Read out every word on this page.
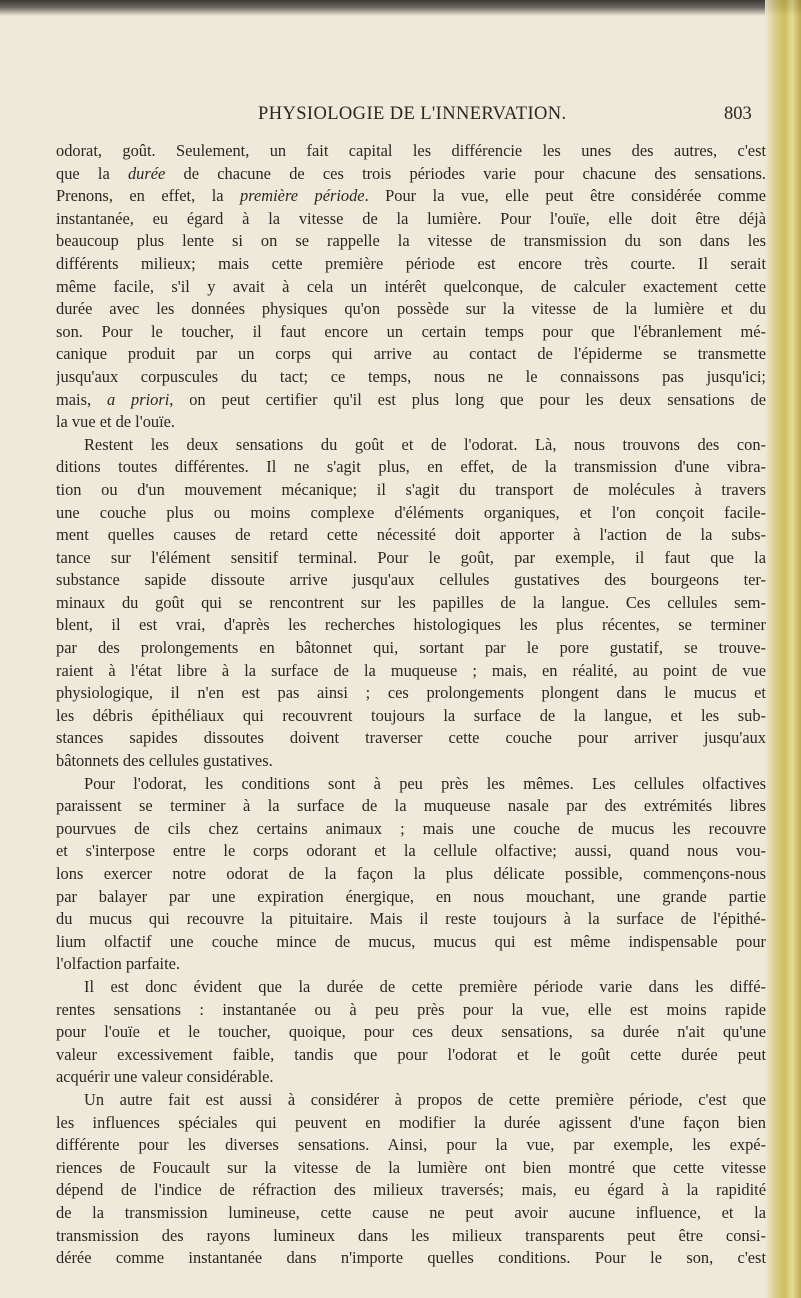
PHYSIOLOGIE DE L'INNERVATION.	803
odorat, goût. Seulement, un fait capital les différencie les unes des autres, c'est
que la durée de chacune de ces trois périodes varie pour chacune des sensations.
Prenons, en effet, la première période. Pour la vue, elle peut être considérée comme
instantanée, eu égard à la vitesse de la lumière. Pour l'ouïe, elle doit être déjà
beaucoup plus lente si on se rappelle la vitesse de transmission du son dans les
différents milieux; mais cette première période est encore très courte. Il serait
même facile, s'il y avait à cela un intérêt quelconque, de calculer exactement cette
durée avec les données physiques qu'on possède sur la vitesse de la lumière et du
son. Pour le toucher, il faut encore un certain temps pour que l'ébranlement mé-
canique produit par un corps qui arrive au contact de l'épiderme se transmette
jusqu'aux corpuscules du tact; ce temps, nous ne le connaissons pas jusqu'ici;
mais, a priori, on peut certifier qu'il est plus long que pour les deux sensations de
la vue et de l'ouïe.
Restent les deux sensations du goût et de l'odorat. Là, nous trouvons des con-
ditions toutes différentes. Il ne s'agit plus, en effet, de la transmission d'une vibra-
tion ou d'un mouvement mécanique; il s'agit du transport de molécules à travers
une couche plus ou moins complexe d'éléments organiques, et l'on conçoit facile-
ment quelles causes de retard cette nécessité doit apporter à l'action de la subs-
tance sur l'élément sensitif terminal. Pour le goût, par exemple, il faut que la
substance sapide dissoute arrive jusqu'aux cellules gustatives des bourgeons ter-
minaux du goût qui se rencontrent sur les papilles de la langue. Ces cellules sem-
blent, il est vrai, d'après les recherches histologiques les plus récentes, se terminer
par des prolongements en bâtonnet qui, sortant par le pore gustatif, se trouve-
raient à l'état libre à la surface de la muqueuse ; mais, en réalité, au point de vue
physiologique, il n'en est pas ainsi ; ces prolongements plongent dans le mucus et
les débris épithéliaux qui recouvrent toujours la surface de la langue, et les sub-
stances sapides dissoutes doivent traverser cette couche pour arriver jusqu'aux
bâtonnets des cellules gustatives.
Pour l'odorat, les conditions sont à peu près les mêmes. Les cellules olfactives
paraissent se terminer à la surface de la muqueuse nasale par des extrémités libres
pourvues de cils chez certains animaux ; mais une couche de mucus les recouvre
et s'interpose entre le corps odorant et la cellule olfactive; aussi, quand nous vou-
lons exercer notre odorat de la façon la plus délicate possible, commençons-nous
par balayer par une expiration énergique, en nous mouchant, une grande partie
du mucus qui recouvre la pituitaire. Mais il reste toujours à la surface de l'épithé-
lium olfactif une couche mince de mucus, mucus qui est même indispensable pour
l'olfaction parfaite.
Il est donc évident que la durée de cette première période varie dans les diffé-
rentes sensations : instantanée ou à peu près pour la vue, elle est moins rapide
pour l'ouïe et le toucher, quoique, pour ces deux sensations, sa durée n'ait qu'une
valeur excessivement faible, tandis que pour l'odorat et le goût cette durée peut
acquérir une valeur considérable.
Un autre fait est aussi à considérer à propos de cette première période, c'est que
les influences spéciales qui peuvent en modifier la durée agissent d'une façon bien
différente pour les diverses sensations. Ainsi, pour la vue, par exemple, les expé-
riences de Foucault sur la vitesse de la lumière ont bien montré que cette vitesse
dépend de l'indice de réfraction des milieux traversés; mais, eu égard à la rapidité
de la transmission lumineuse, cette cause ne peut avoir aucune influence, et la
transmission des rayons lumineux dans les milieux transparents peut être consi-
dérée comme instantanée dans n'importe quelles conditions. Pour le son, c'est
